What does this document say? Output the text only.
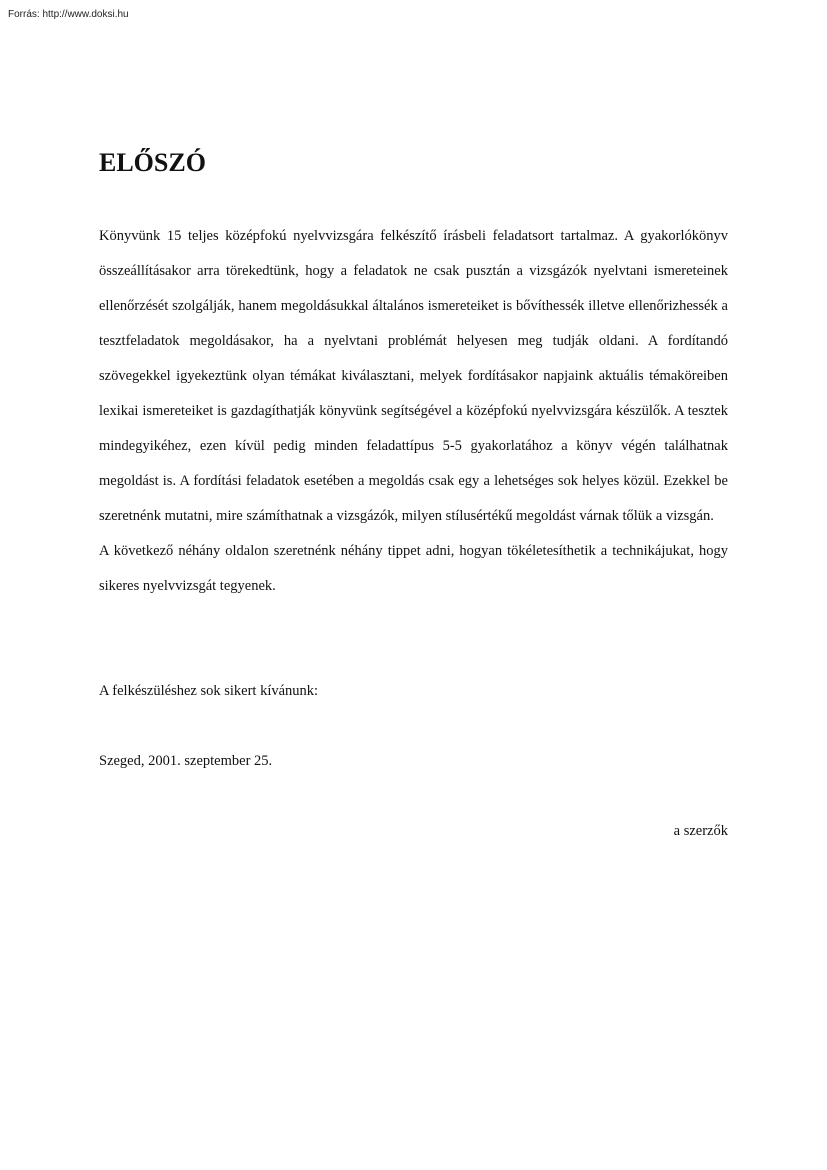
Forrás: http://www.doksi.hu
ELŐSZÓ

Könyvünk 15 teljes középfokú nyelvvizsgára felkészítő írásbeli feladatsort tartalmaz. A gyakorlókönyv összeállításakor arra törekedtünk, hogy a feladatok ne csak pusztán a vizsgázók nyelvtani ismereteinek ellenőrzését szolgálják, hanem megoldásukkal általános ismereteiket is bővíthessék illetve ellenőrizhessék a tesztfeladatok megoldásakor, ha a nyelvtani problémát helyesen meg tudják oldani. A fordítandó szövegekkel igyekeztünk olyan témákat kiválasztani, melyek fordításakor napjaink aktuális témaköreiben lexikai ismereteiket is gazdagíthatják könyvünk segítségével a középfokú nyelvvizsgára készülők. A tesztek mindegyikéhez, ezen kívül pedig minden feladattípus 5-5 gyakorlatához a könyv végén találhatnak megoldást is. A fordítási feladatok esetében a megoldás csak egy a lehetséges sok helyes közül. Ezekkel be szeretnénk mutatni, mire számíthatnak a vizsgázók, milyen stílusértékű megoldást várnak tőlük a vizsgán.

A következő néhány oldalon szeretnénk néhány tippet adni, hogyan tökéletesíthetik a technikájukat, hogy sikeres nyelvvizsgát tegyenek.

A felkészüléshez sok sikert kívánunk:
Szeged, 2001. szeptember 25.
a szerzők
